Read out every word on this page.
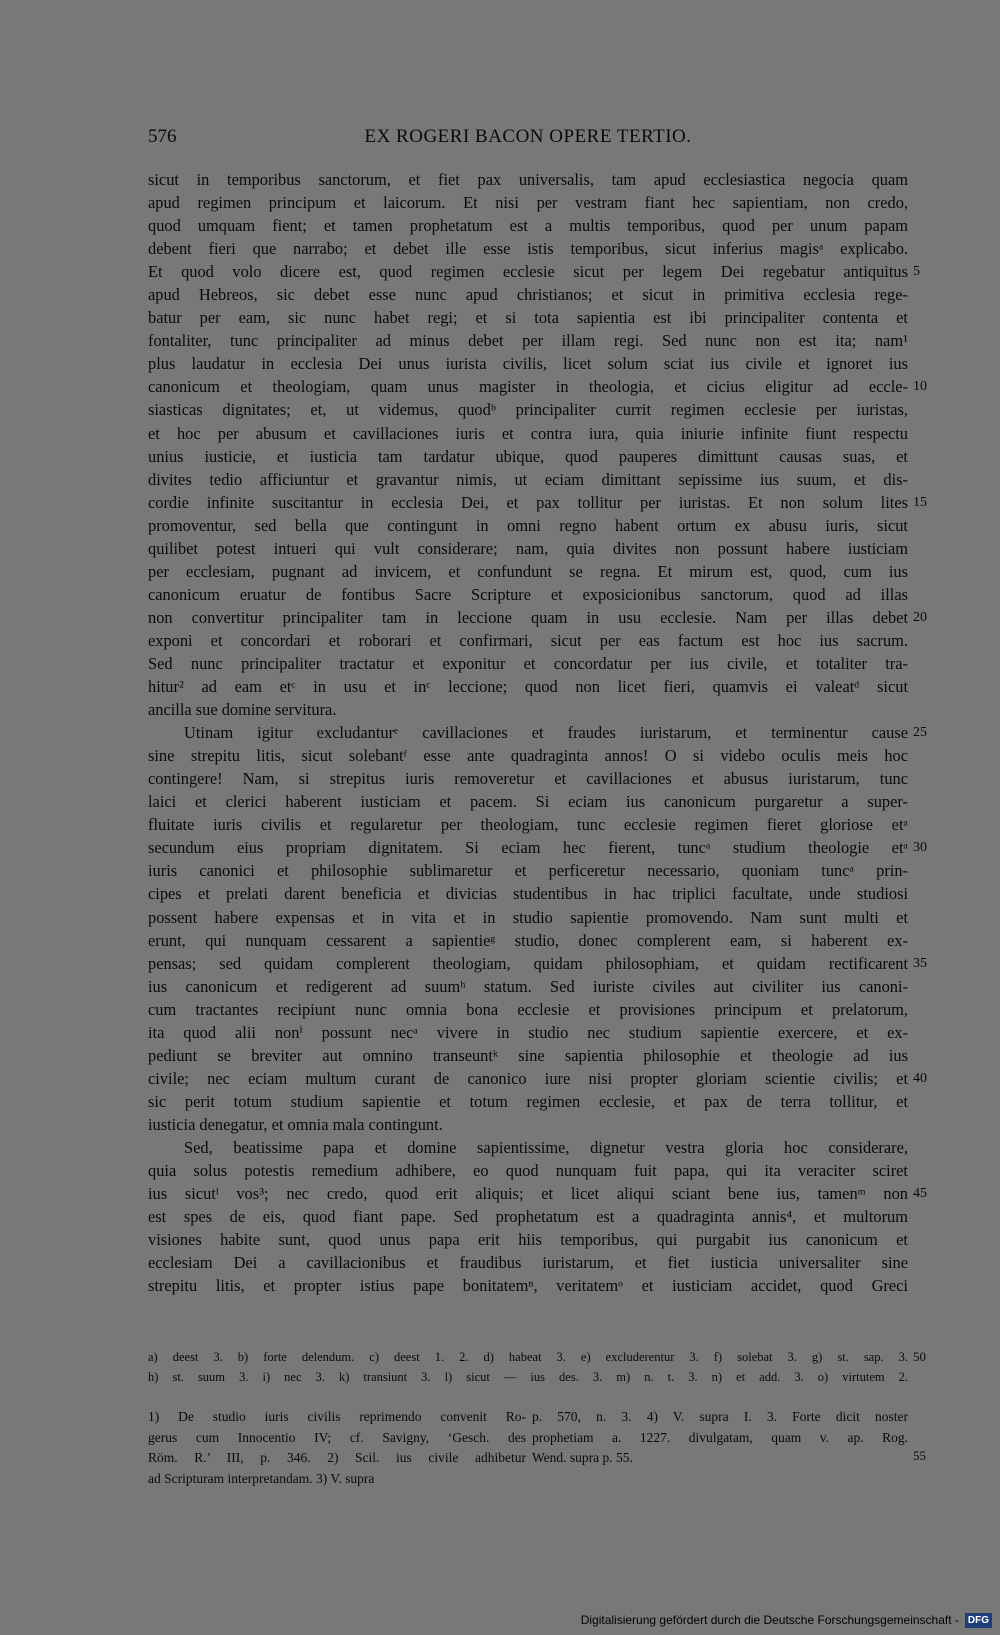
576	EX ROGERI BACON OPERE TERTIO.
sicut in temporibus sanctorum, et fiet pax universalis, tam apud ecclesiastica negocia quam
apud regimen principum et laicorum. Et nisi per vestram fiant hec sapientiam, non credo,
quod umquam fient; et tamen prophetatum est a multis temporibus, quod per unum papam
debent fieri que narrabo; et debet ille esse istis temporibus, sicut inferius magisᵃ explicabo.
Et quod volo dicere est, quod regimen ecclesie sicut per legem Dei regebatur antiquitus 5
apud Hebreos, sic debet esse nunc apud christianos; et sicut in primitiva ecclesia rege-
batur per eam, sic nunc habet regi; et si tota sapientia est ibi principaliter contenta et
fontaliter, tunc principaliter ad minus debet per illam regi. Sed nunc non est ita; nam¹
plus laudatur in ecclesia Dei unus iurista civilis, licet solum sciat ius civile et ignoret ius
canonicum et theologiam, quam unus magister in theologia, et cicius eligitur ad eccle- 10
siasticas dignitates; et, ut videmus, quodᵇ principaliter currit regimen ecclesie per iuristas,
et hoc per abusum et cavillaciones iuris et contra iura, quia iniurie infinite fiunt respectu
unius iusticie, et iusticia tam tardatur ubique, quod pauperes dimittunt causas suas, et
divites tedio afficiuntur et gravantur nimis, ut eciam dimittant sepissime ius suum, et dis-
cordie infinite suscitantur in ecclesia Dei, et pax tollitur per iuristas. Et non solum lites 15
promoventur, sed bella que contingunt in omni regno habent ortum ex abusu iuris, sicut
quilibet potest intueri qui vult considerare; nam, quia divites non possunt habere iusticiam
per ecclesiam, pugnant ad invicem, et confundunt se regna. Et mirum est, quod, cum ius
canonicum eruatur de fontibus Sacre Scripture et exposicionibus sanctorum, quod ad illas
non convertitur principaliter tam in leccione quam in usu ecclesie. Nam per illas debet 20
exponi et concordari et roborari et confirmari, sicut per eas factum est hoc ius sacrum.
Sed nunc principaliter tractatur et exponitur et concordatur per ius civile, et totaliter tra-
hitur² ad eam etᶜ in usu et inᶜ leccione; quod non licet fieri, quamvis ei valeatᵈ sicut
ancilla sue domine servitura.
Utinam igitur excludanturᵉ cavillaciones et fraudes iuristarum, et terminentur cause 25
sine strepitu litis, sicut solebantᶠ esse ante quadraginta annos! O si videbo oculis meis hoc
contingere! Nam, si strepitus iuris removeretur et cavillaciones et abusus iuristarum, tunc
laici et clerici haberent iusticiam et pacem. Si eciam ius canonicum purgaretur a super-
fluitate iuris civilis et regularetur per theologiam, tunc ecclesie regimen fieret gloriose etᵃ
secundum eius propriam dignitatem. Si eciam hec fierent, tuncᵃ studium theologie etᵃ 30
iuris canonici et philosophie sublimaretur et perficeretur necessario, quoniam tuncᵃ prin-
cipes et prelati darent beneficia et divicias studentibus in hac triplici facultate, unde studiosi
possent habere expensas et in vita et in studio sapientie promovendo. Nam sunt multi et
erunt, qui nunquam cessarent a sapientieᵍ studio, donec complerent eam, si haberent ex-
pensas; sed quidam complerent theologiam, quidam philosophiam, et quidam rectificarent 35
ius canonicum et redigerent ad suumʰ statum. Sed iuriste civiles aut civiliter ius canoni-
cum tractantes recipiunt nunc omnia bona ecclesie et provisiones principum et prelatorum,
ita quod alii nonⁱ possunt necᵃ vivere in studio nec studium sapientie exercere, et ex-
pediunt se breviter aut omnino transeuntᵏ sine sapientia philosophie et theologie ad ius
civile; nec eciam multum curant de canonico iure nisi propter gloriam scientie civilis; et 40
sic perit totum studium sapientie et totum regimen ecclesie, et pax de terra tollitur, et
iusticia denegatur, et omnia mala contingunt.
Sed, beatissime papa et domine sapientissime, dignetur vestra gloria hoc considerare,
quia solus potestis remedium adhibere, eo quod nunquam fuit papa, qui ita veraciter sciret
ius sicutˡ vos³; nec credo, quod erit aliquis; et licet aliqui sciant bene ius, tamenᵐ non 45
est spes de eis, quod fiant pape. Sed prophetatum est a quadraginta annis⁴, et multorum
visiones habite sunt, quod unus papa erit hiis temporibus, qui purgabit ius canonicum et
ecclesiam Dei a cavillacionibus et fraudibus iuristarum, et fiet iusticia universaliter sine
strepitu litis, et propter istius pape bonitatemⁿ, veritatemᵒ et iusticiam accidet, quod Greci
a) deest 3. b) forte delendum. c) deest 1. 2. d) habeat 3. e) excluderentur 3. f) solebat 3. g) st. sap. 3. 50
h) st. suum 3. i) nec 3. k) transiunt 3. l) sicut — ius des. 3. m) n. t. 3. n) et add. 3. o) virtutem 2.
1) De studio iuris civilis reprimendo convenit Ro-
gerus cum Innocentio IV; cf. Savigny, ‘Gesch. des
Röm. R.’ III, p. 346. 2) Scil. ius civile adhibetur
ad Scripturam interpretandam. 3) V. supra
p. 570, n. 3. 4) V. supra I. 3. Forte dicit noster
prophetiam a. 1227. divulgatam, quam v. ap. Rog.
Wend. supra p. 55.	55
Digitalisierung gefördert durch die Deutsche Forschungsgemeinschaft - DFG
